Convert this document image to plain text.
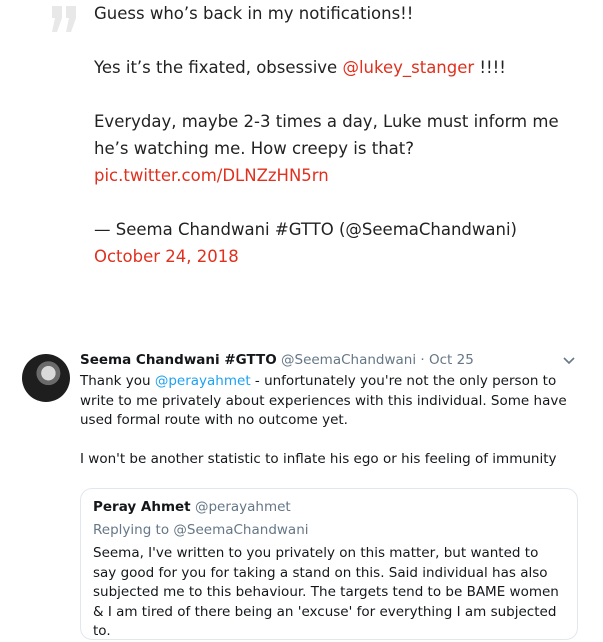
Guess who’s back in my notifications!!

Yes it’s the fixated, obsessive @lukey_stanger !!!!

Everyday, maybe 2-3 times a day, Luke must inform me he’s watching me. How creepy is that?

pic.twitter.com/DLNZzHN5rn

— Seema Chandwani #GTTO (@SeemaChandwani) October 24, 2018

Seema Chandwani #GTTO @SeemaChandwani · Oct 25

Thank you @perayahmet - unfortunately you're not the only person to write to me privately about experiences with this individual. Some have used formal route with no outcome yet.

I won't be another statistic to inflate his ego or his feeling of immunity

Peray Ahmet @perayahmet
Replying to @SeemaChandwani
Seema, I've written to you privately on this matter, but wanted to say good for you for taking a stand on this. Said individual has also subjected me to this behaviour. The targets tend to be BAME women & I am tired of there being an 'excuse' for everything I am subjected to.
